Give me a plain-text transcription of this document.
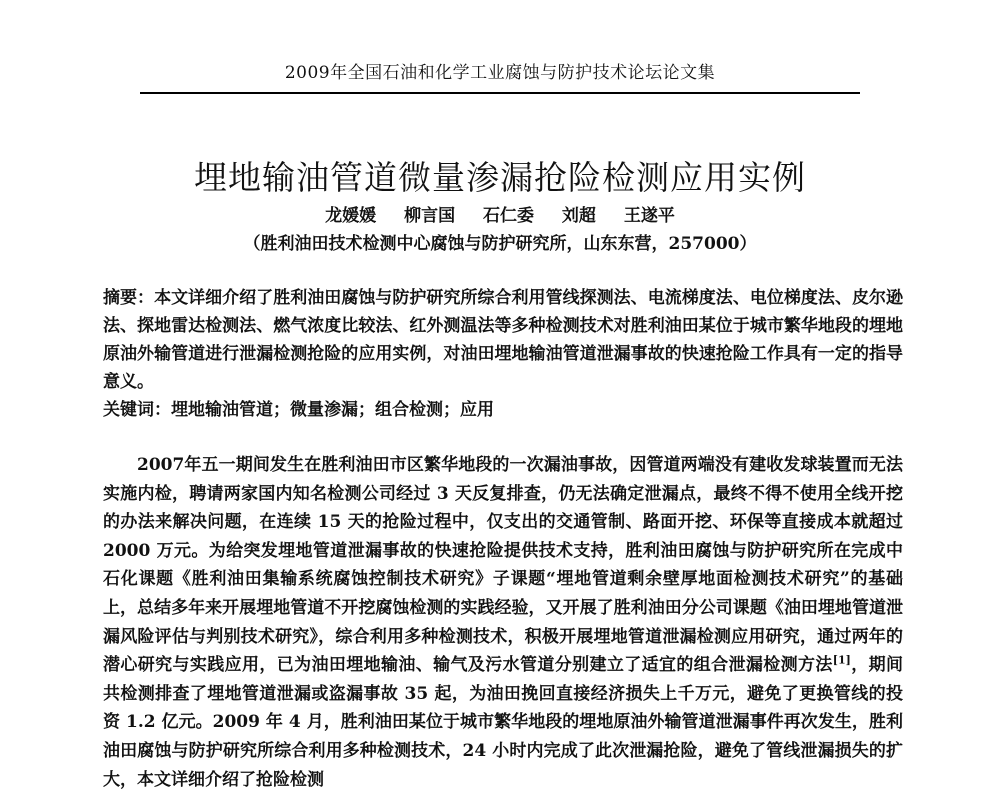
2009年全国石油和化学工业腐蚀与防护技术论坛论文集
埋地输油管道微量渗漏抢险检测应用实例
龙媛媛 柳言国 石仁委 刘超 王遂平
（胜利油田技术检测中心腐蚀与防护研究所，山东东营，257000）

摘要：本文详细介绍了胜利油田腐蚀与防护研究所综合利用管线探测法、电流梯度法、电位梯度法、皮尔逊法、探地雷达检测法、燃气浓度比较法、红外测温法等多种检测技术对胜利油田某位于城市繁华地段的埋地原油外输管道进行泄漏检测抢险的应用实例，对油田埋地输油管道泄漏事故的快速抢险工作具有一定的指导意义。

关键词：埋地输油管道；微量渗漏；组合检测；应用

2007年五一期间发生在胜利油田市区繁华地段的一次漏油事故，因管道两端没有建收发球装置而无法实施内检，聘请两家国内知名检测公司经过 3 天反复排查，仍无法确定泄漏点，最终不得不使用全线开挖的办法来解决问题，在连续 15 天的抢险过程中，仅支出的交通管制、路面开挖、环保等直接成本就超过 2000 万元。为给突发埋地管道泄漏事故的快速抢险提供技术支持，胜利油田腐蚀与防护研究所在完成中石化课题《胜利油田集输系统腐蚀控制技术研究》子课题“埋地管道剩余壁厚地面检测技术研究”的基础上，总结多年来开展埋地管道不开挖腐蚀检测的实践经验，又开展了胜利油田分公司课题《油田埋地管道泄漏风险评估与判别技术研究》，综合利用多种检测技术，积极开展埋地管道泄漏检测应用研究，通过两年的潜心研究与实践应用，已为油田埋地输油、输气及污水管道分别建立了适宜的组合泄漏检测方法[1]，期间共检测排查了埋地管道泄漏或盗漏事故 35 起，为油田挽回直接经济损失上千万元，避免了更换管线的投资 1.2 亿元。2009 年 4 月，胜利油田某位于城市繁华地段的埋地原油外输管道泄漏事件再次发生，胜利油田腐蚀与防护研究所综合利用多种检测技术，24 小时内完成了此次泄漏抢险，避免了管线泄漏损失的扩大，本文详细介绍了抢险检测
